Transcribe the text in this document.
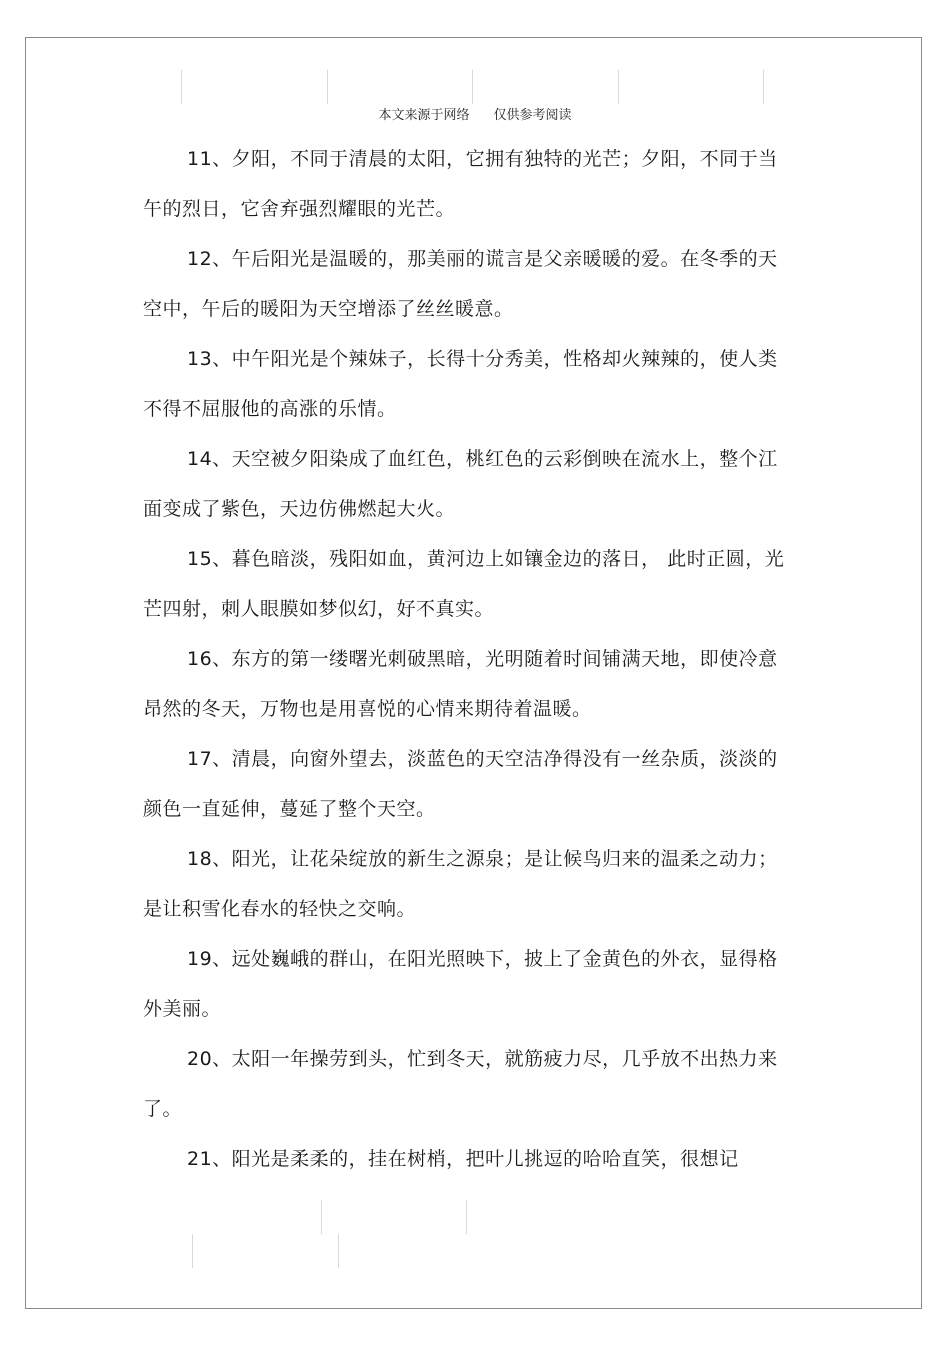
本文来源于网络 仅供参考阅读

11、夕阳，不同于清晨的太阳，它拥有独特的光芒；夕阳，不同于当午的烈日，它舍弃强烈耀眼的光芒。

12、午后阳光是温暖的，那美丽的谎言是父亲暖暖的爱。在冬季的天空中，午后的暖阳为天空增添了丝丝暖意。

13、中午阳光是个辣妹子，长得十分秀美，性格却火辣辣的，使人类不得不屈服他的高涨的乐情。

14、天空被夕阳染成了血红色，桃红色的云彩倒映在流水上，整个江面变成了紫色，天边仿佛燃起大火。

15、暮色暗淡，残阳如血，黄河边上如镶金边的落日， 此时正圆，光芒四射，刺人眼膜如梦似幻，好不真实。

16、东方的第一缕曙光刺破黑暗，光明随着时间铺满天地，即使冷意昂然的冬天，万物也是用喜悦的心情来期待着温暖。

17、清晨，向窗外望去，淡蓝色的天空洁净得没有一丝杂质，淡淡的颜色一直延伸，蔓延了整个天空。

18、阳光，让花朵绽放的新生之源泉；是让候鸟归来的温柔之动力；是让积雪化春水的轻快之交响。

19、远处巍峨的群山，在阳光照映下，披上了金黄色的外衣，显得格外美丽。

20、太阳一年操劳到头，忙到冬天，就筋疲力尽，几乎放不出热力来了。

21、阳光是柔柔的，挂在树梢，把叶儿挑逗的哈哈直笑，很想记
